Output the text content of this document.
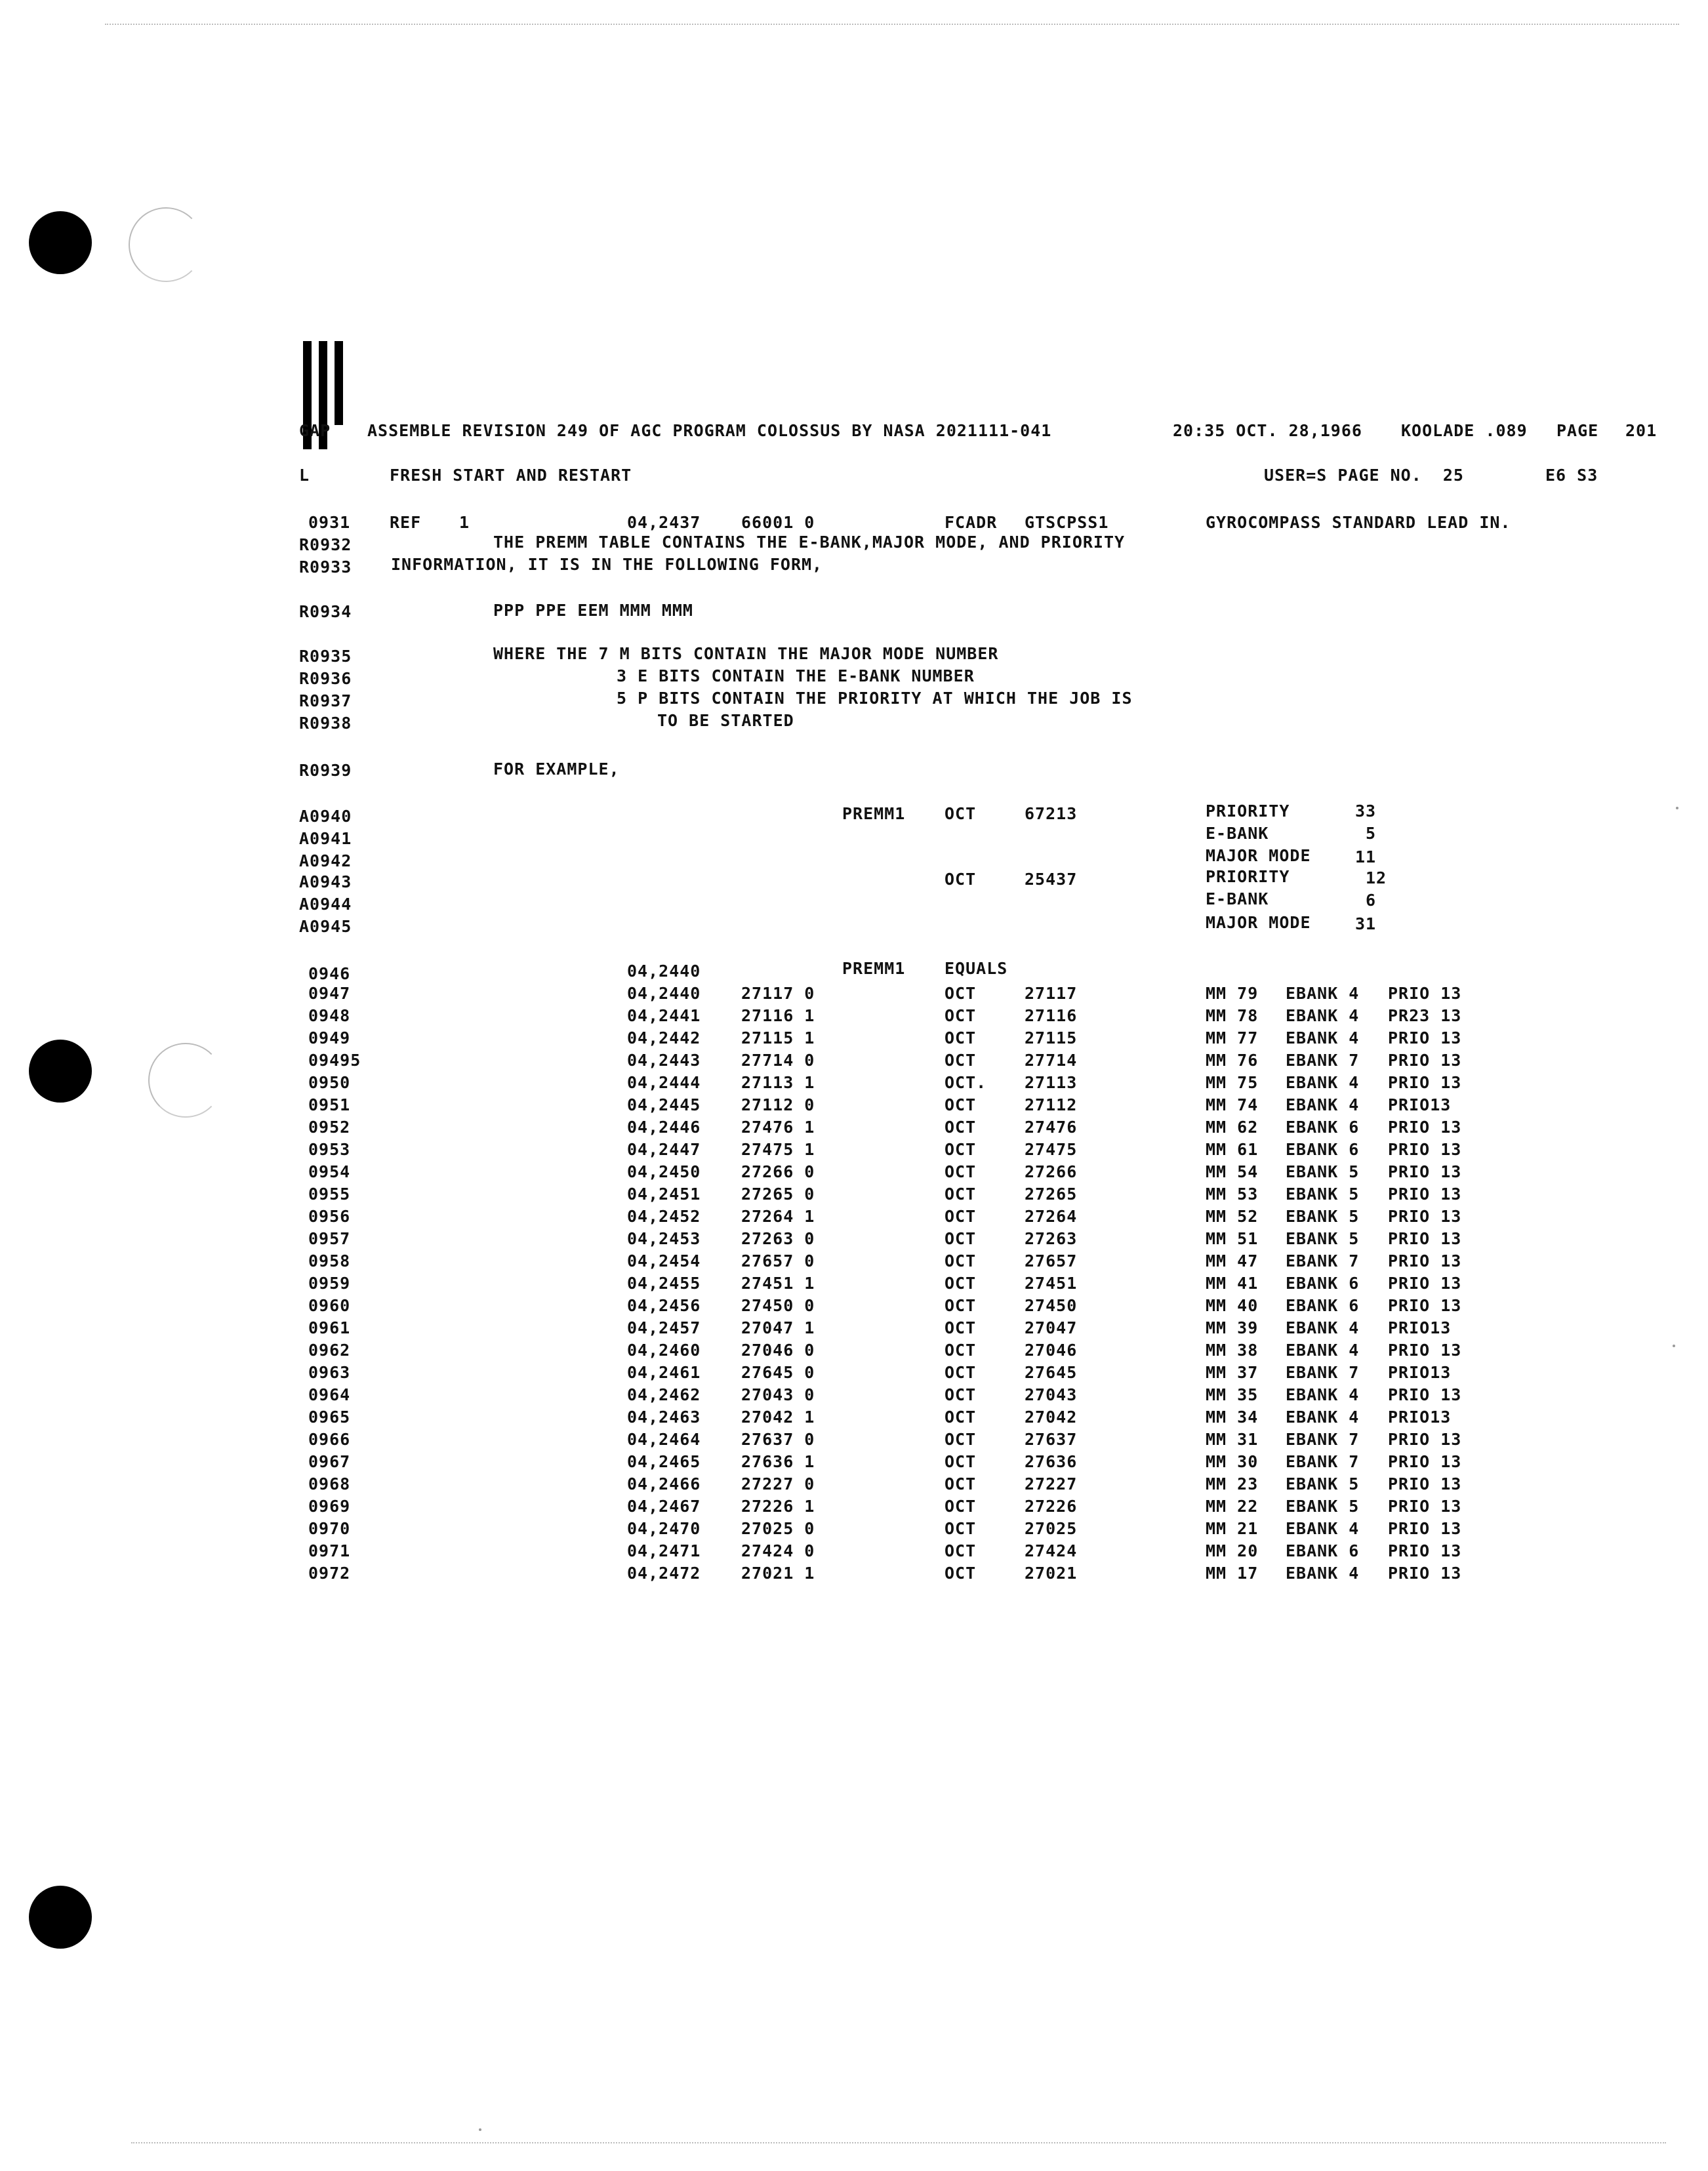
GAP ASSEMBLE REVISION 249 OF AGC PROGRAM COLOSSUS BY NASA 2021111-041	20:35 OCT. 28,1966 KOOLADE .089 PAGE 201
L	FRESH START AND RESTART	USER=S PAGE NO.  25	E6 S3
0931 REF 1	04,2437 66001 0	FCADR GTSCPSS1	GYROCOMPASS STANDARD LEAD IN.
R0932	THE PREMM TABLE CONTAINS THE E-BANK,MAJOR MODE, AND PRIORITY
R0933 INFORMATION, IT IS IN THE FOLLOWING FORM,
R0934	PPP PPE EEM MMM MMM
R0935	WHERE THE 7 M BITS CONTAIN THE MAJOR MODE NUMBER
R0936	3 E BITS CONTAIN THE E-BANK NUMBER
R0937	5 P BITS CONTAIN THE PRIORITY AT WHICH THE JOB IS
R0938	TO BE STARTED
R0939	FOR EXAMPLE,
A0940	PREMM1 OCT	67213	PRIORITY	33
A0941	E-BANK	5
A0942	MAJOR MODE	11
A0943	OCT	25437	PRIORITY	12
A0944	E-BANK	6
A0945	MAJOR MODE	31
0946	04,2440	PREMM1 EQUALS
0947	04,2440 27117 0	OCT	27117	MM 79 EBANK 4 PRIO 13
0948	04,2441 27116 1	OCT	27116	MM 78 EBANK 4 PR23 13
0949	04,2442 27115 1	OCT	27115	MM 77 EBANK 4 PRIO 13
09495	04,2443 27714 0	OCT	27714	MM 76 EBANK 7 PRIO 13
0950	04,2444 27113 1	OCT. 27113	MM 75 EBANK 4 PRIO 13
0951	04,2445 27112 0	OCT	27112	MM 74 EBANK 4 PRIO13
0952	04,2446 27476 1	OCT	27476	MM 62 EBANK 6 PRIO 13
0953	04,2447 27475 1	OCT	27475	MM 61 EBANK 6 PRIO 13
0954	04,2450 27266 0	OCT	27266	MM 54 EBANK 5 PRIO 13
0955	04,2451 27265 0	OCT	27265	MM 53 EBANK 5 PRIO 13
0956	04,2452 27264 1	OCT	27264	MM 52 EBANK 5 PRIO 13
0957	04,2453 27263 0	OCT	27263	MM 51 EBANK 5 PRIO 13
0958	04,2454 27657 0	OCT	27657	MM 47 EBANK 7 PRIO 13
0959	04,2455 27451 1	OCT	27451	MM 41 EBANK 6 PRIO 13
0960	04,2456 27450 0	OCT	27450	MM 40 EBANK 6 PRIO 13
0961	04,2457 27047 1	OCT	27047	MM 39 EBANK 4 PRIO13
0962	04,2460 27046 0	OCT	27046	MM 38 EBANK 4 PRIO 13
0963	04,2461 27645 0	OCT	27645	MM 37 EBANK 7 PRIO13
0964	04,2462 27043 0	OCT	27043	MM 35 EBANK 4 PRIO 13
0965	04,2463 27042 1	OCT	27042	MM 34 EBANK 4 PRIO13
0966	04,2464 27637 0	OCT	27637	MM 31 EBANK 7 PRIO 13
0967	04,2465 27636 1	OCT	27636	MM 30 EBANK 7 PRIO 13
0968	04,2466 27227 0	OCT	27227	MM 23 EBANK 5 PRIO 13
0969	04,2467 27226 1	OCT	27226	MM 22 EBANK 5 PRIO 13
0970	04,2470 27025 0	OCT	27025	MM 21 EBANK 4 PRIO 13
0971	04,2471 27424 0	OCT	27424	MM 20 EBANK 6 PRIO 13
0972	04,2472 27021 1	OCT	27021	MM 17 EBANK 4 PRIO 13
